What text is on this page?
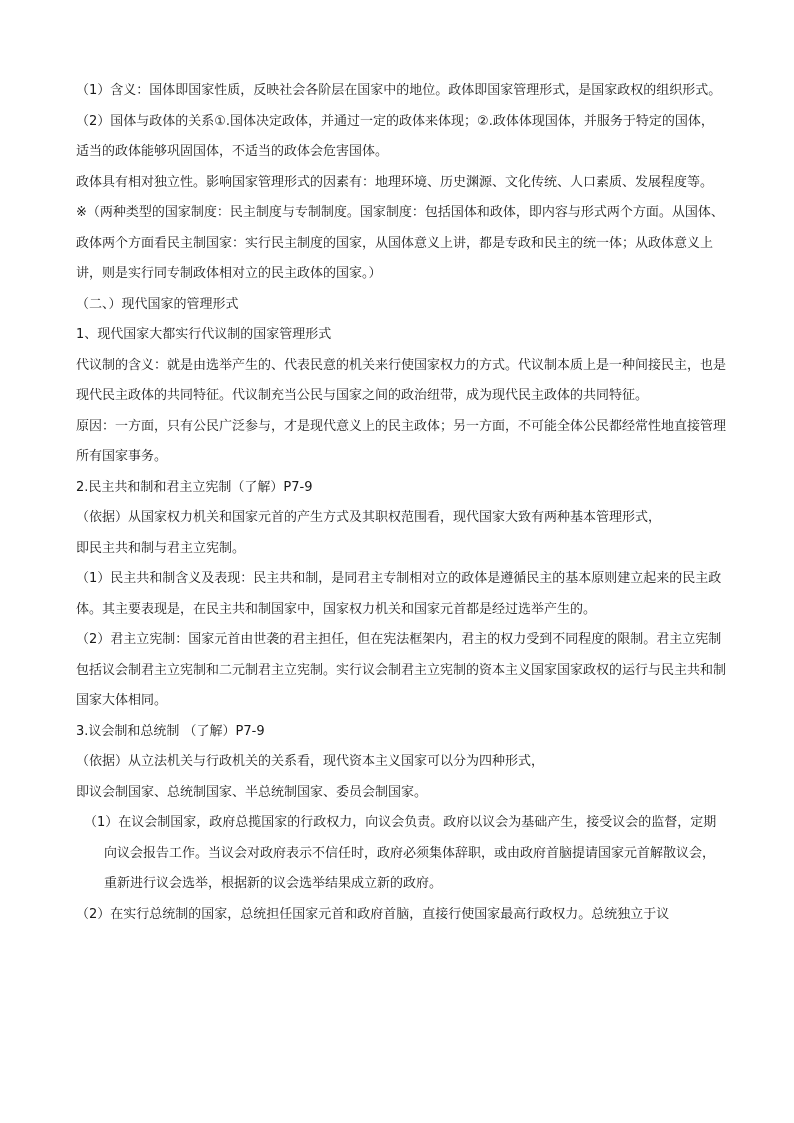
（1）含义：国体即国家性质，反映社会各阶层在国家中的地位。政体即国家管理形式，是国家政权的组织形式。

（2）国体与政体的关系①.国体决定政体，并通过一定的政体来体现；②.政体体现国体，并服务于特定的国体，适当的政体能够巩固国体，不适当的政体会危害国体。

政体具有相对独立性。影响国家管理形式的因素有：地理环境、历史渊源、文化传统、人口素质、发展程度等。

※（两种类型的国家制度：民主制度与专制制度。国家制度：包括国体和政体，即内容与形式两个方面。从国体、政体两个方面看民主制国家：实行民主制度的国家，从国体意义上讲，都是专政和民主的统一体；从政体意义上讲，则是实行同专制政体相对立的民主政体的国家。）

（二、）现代国家的管理形式

1、现代国家大都实行代议制的国家管理形式

代议制的含义：就是由选举产生的、代表民意的机关来行使国家权力的方式。代议制本质上是一种间接民主，也是现代民主政体的共同特征。代议制充当公民与国家之间的政治纽带，成为现代民主政体的共同特征。

原因：一方面，只有公民广泛参与，才是现代意义上的民主政体；另一方面，不可能全体公民都经常性地直接管理所有国家事务。

2.民主共和制和君主立宪制（了解）P7-9

（依据）从国家权力机关和国家元首的产生方式及其职权范围看，现代国家大致有两种基本管理形式，

即民主共和制与君主立宪制。

（1）民主共和制含义及表现：民主共和制，是同君主专制相对立的政体是遵循民主的基本原则建立起来的民主政体。其主要表现是，在民主共和制国家中，国家权力机关和国家元首都是经过选举产生的。

（2）君主立宪制：国家元首由世袭的君主担任，但在宪法框架内，君主的权力受到不同程度的限制。君主立宪制包括议会制君主立宪制和二元制君主立宪制。实行议会制君主立宪制的资本主义国家国家政权的运行与民主共和制国家大体相同。

3.议会制和总统制 （了解）P7-9

（依据）从立法机关与行政机关的关系看，现代资本主义国家可以分为四种形式，

即议会制国家、总统制国家、半总统制国家、委员会制国家。

（1）在议会制国家，政府总揽国家的行政权力，向议会负责。政府以议会为基础产生，接受议会的监督，定期向议会报告工作。当议会对政府表示不信任时，政府必须集体辞职，或由政府首脑提请国家元首解散议会，重新进行议会选举，根据新的议会选举结果成立新的政府。

（2）在实行总统制的国家，总统担任国家元首和政府首脑，直接行使国家最高行政权力。总统独立于议
